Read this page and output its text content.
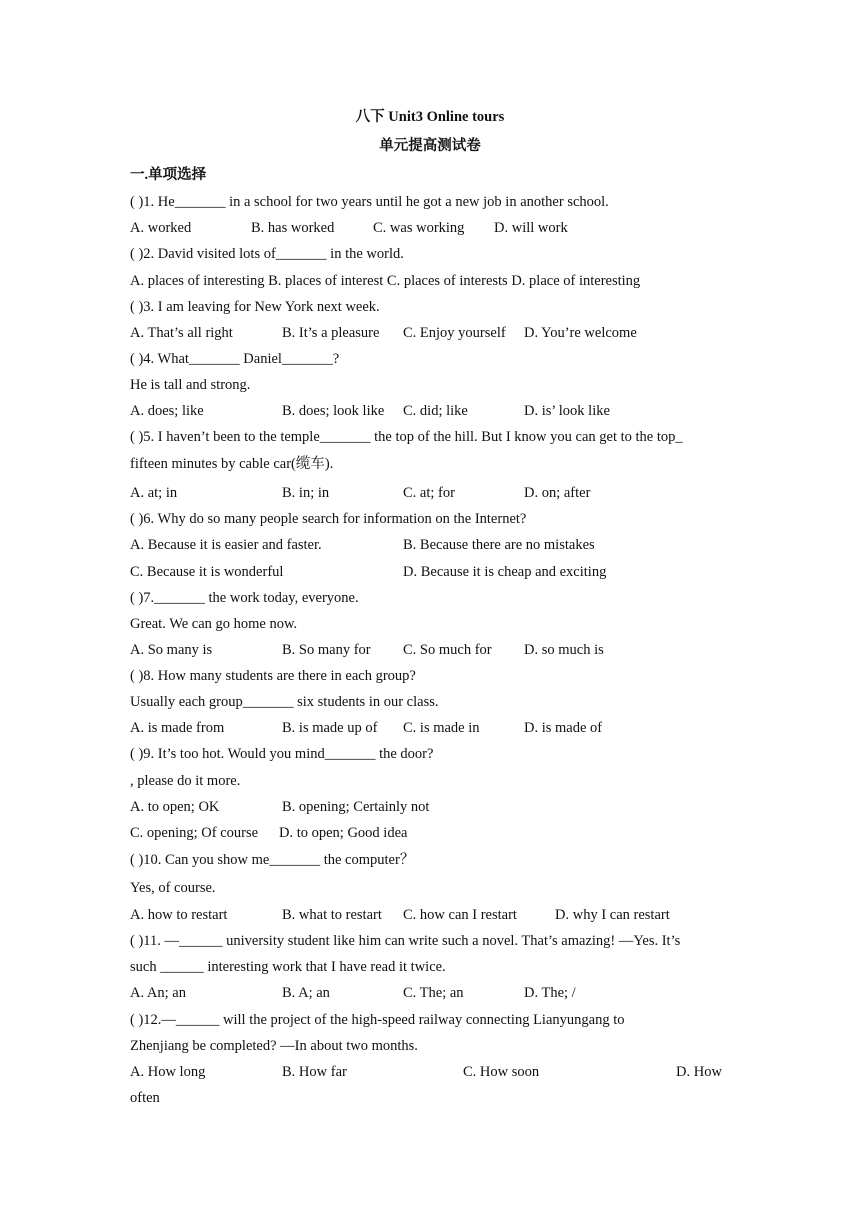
八下 Unit3 Online tours
单元提高测试卷
一.单项选择
( )1. He_______ in a school for two years until he got a new job in another school.
A. worked	B. has worked	C. was working D. will work
( )2. David visited lots of_______ in the world.
A. places of interesting B. places of interest C. places of interests D. place of interesting
( )3. I am leaving for New York next week.
A. That’s all right	B. It’s a pleasure C. Enjoy yourself D. You’re welcome
( )4. What_______ Daniel_______?
He is tall and strong.
A. does; like	B. does; look like C. did; like	D. is’ look like
( )5. I haven’t been to the temple_______ the top of the hill. But I know you can get to the top_
fifteen minutes by cable car(缆车).
A. at; in	B. in; in	C. at; for	D. on; after
( )6. Why do so many people search for information on the Internet?
A. Because it is easier and faster.	B. Because there are no mistakes
C. Because it is wonderful	D. Because it is cheap and exciting
( )7._______ the work today, everyone.
Great. We can go home now.
A. So many is	B. So many for C. So much for D. so much is
( )8. How many students are there in each group?
Usually each group_______ six students in our class.
A. is made from	B. is made up of C. is made in	D. is made of
( )9. It’s too hot. Would you mind_______ the door?
, please do it more.
A. to open; OK	B. opening; Certainly not
C. opening; Of course D. to open; Good idea
( )10. Can you show me_______ the computer？
Yes, of course.
A. how to restart	B. what to restart C. how can I restart	D. why I can restart
( )11. —______ university student like him can write such a novel. That’s amazing! —Yes. It’s
such ______ interesting work that I have read it twice.
A. An; an	B. A; an	C. The; an	D. The; /
( )12.—______ will the project of the high-speed railway connecting Lianyungang to
Zhenjiang be completed? —In about two months.
A. How long	B. How far	C. How soon	D. How
often
